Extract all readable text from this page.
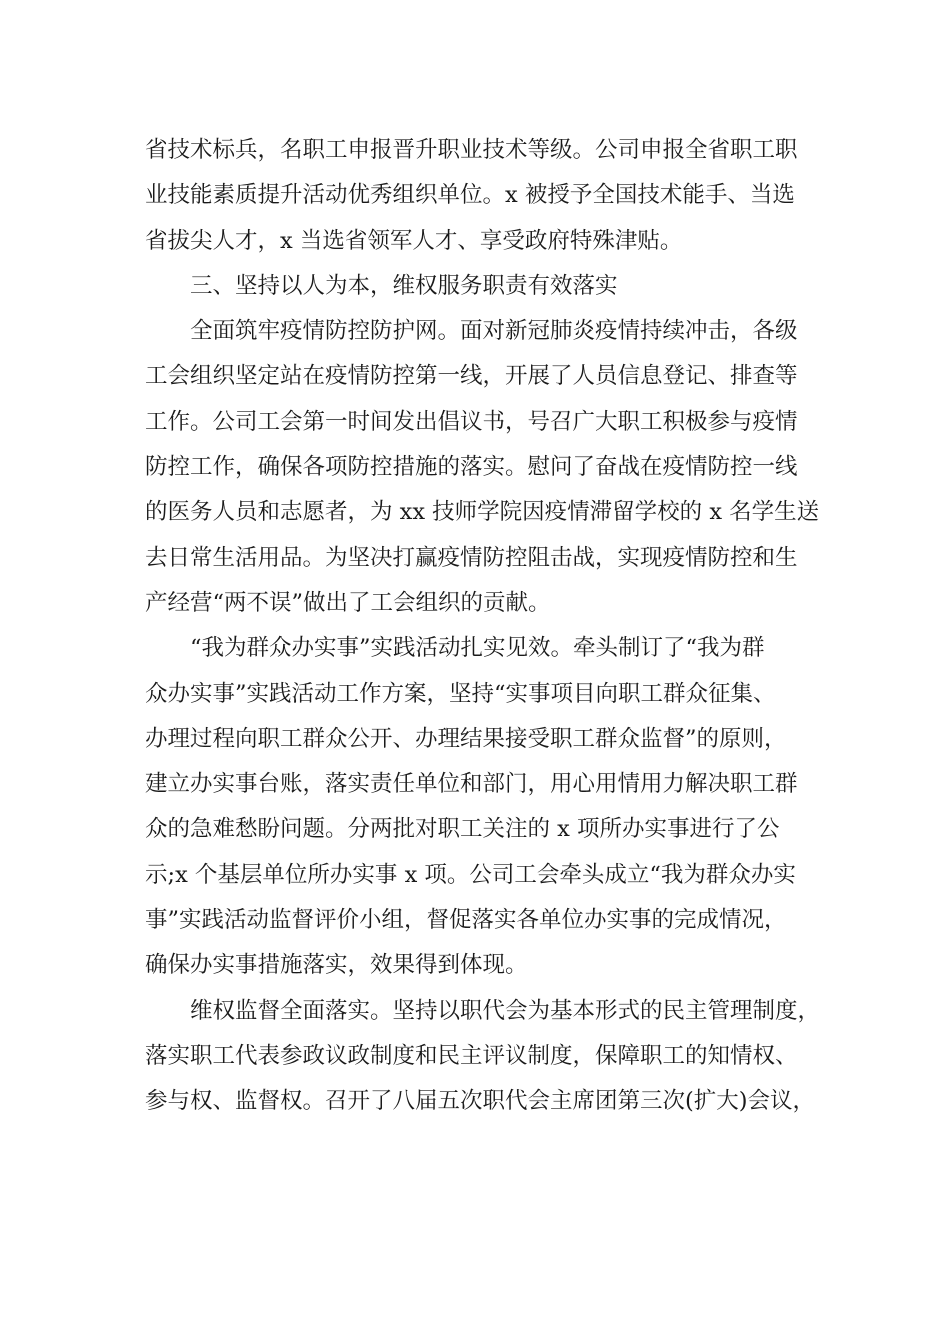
省技术标兵，名职工申报晋升职业技术等级。公司申报全省职工职
业技能素质提升活动优秀组织单位。x 被授予全国技术能手、当选
省拔尖人才，x 当选省领军人才、享受政府特殊津贴。
三、坚持以人为本，维权服务职责有效落实
全面筑牢疫情防控防护网。面对新冠肺炎疫情持续冲击，各级
工会组织坚定站在疫情防控第一线，开展了人员信息登记、排查等
工作。公司工会第一时间发出倡议书，号召广大职工积极参与疫情
防控工作，确保各项防控措施的落实。慰问了奋战在疫情防控一线
的医务人员和志愿者，为 xx 技师学院因疫情滞留学校的 x 名学生送
去日常生活用品。为坚决打赢疫情防控阻击战，实现疫情防控和生
产经营“两不误”做出了工会组织的贡献。
“我为群众办实事”实践活动扎实见效。牵头制订了“我为群
众办实事”实践活动工作方案，坚持“实事项目向职工群众征集、
办理过程向职工群众公开、办理结果接受职工群众监督”的原则，
建立办实事台账，落实责任单位和部门，用心用情用力解决职工群
众的急难愁盼问题。分两批对职工关注的 x 项所办实事进行了公
示;x 个基层单位所办实事 x 项。公司工会牵头成立“我为群众办实
事”实践活动监督评价小组，督促落实各单位办实事的完成情况，
确保办实事措施落实，效果得到体现。
维权监督全面落实。坚持以职代会为基本形式的民主管理制度，
落实职工代表参政议政制度和民主评议制度，保障职工的知情权、
参与权、监督权。召开了八届五次职代会主席团第三次(扩大)会议，
